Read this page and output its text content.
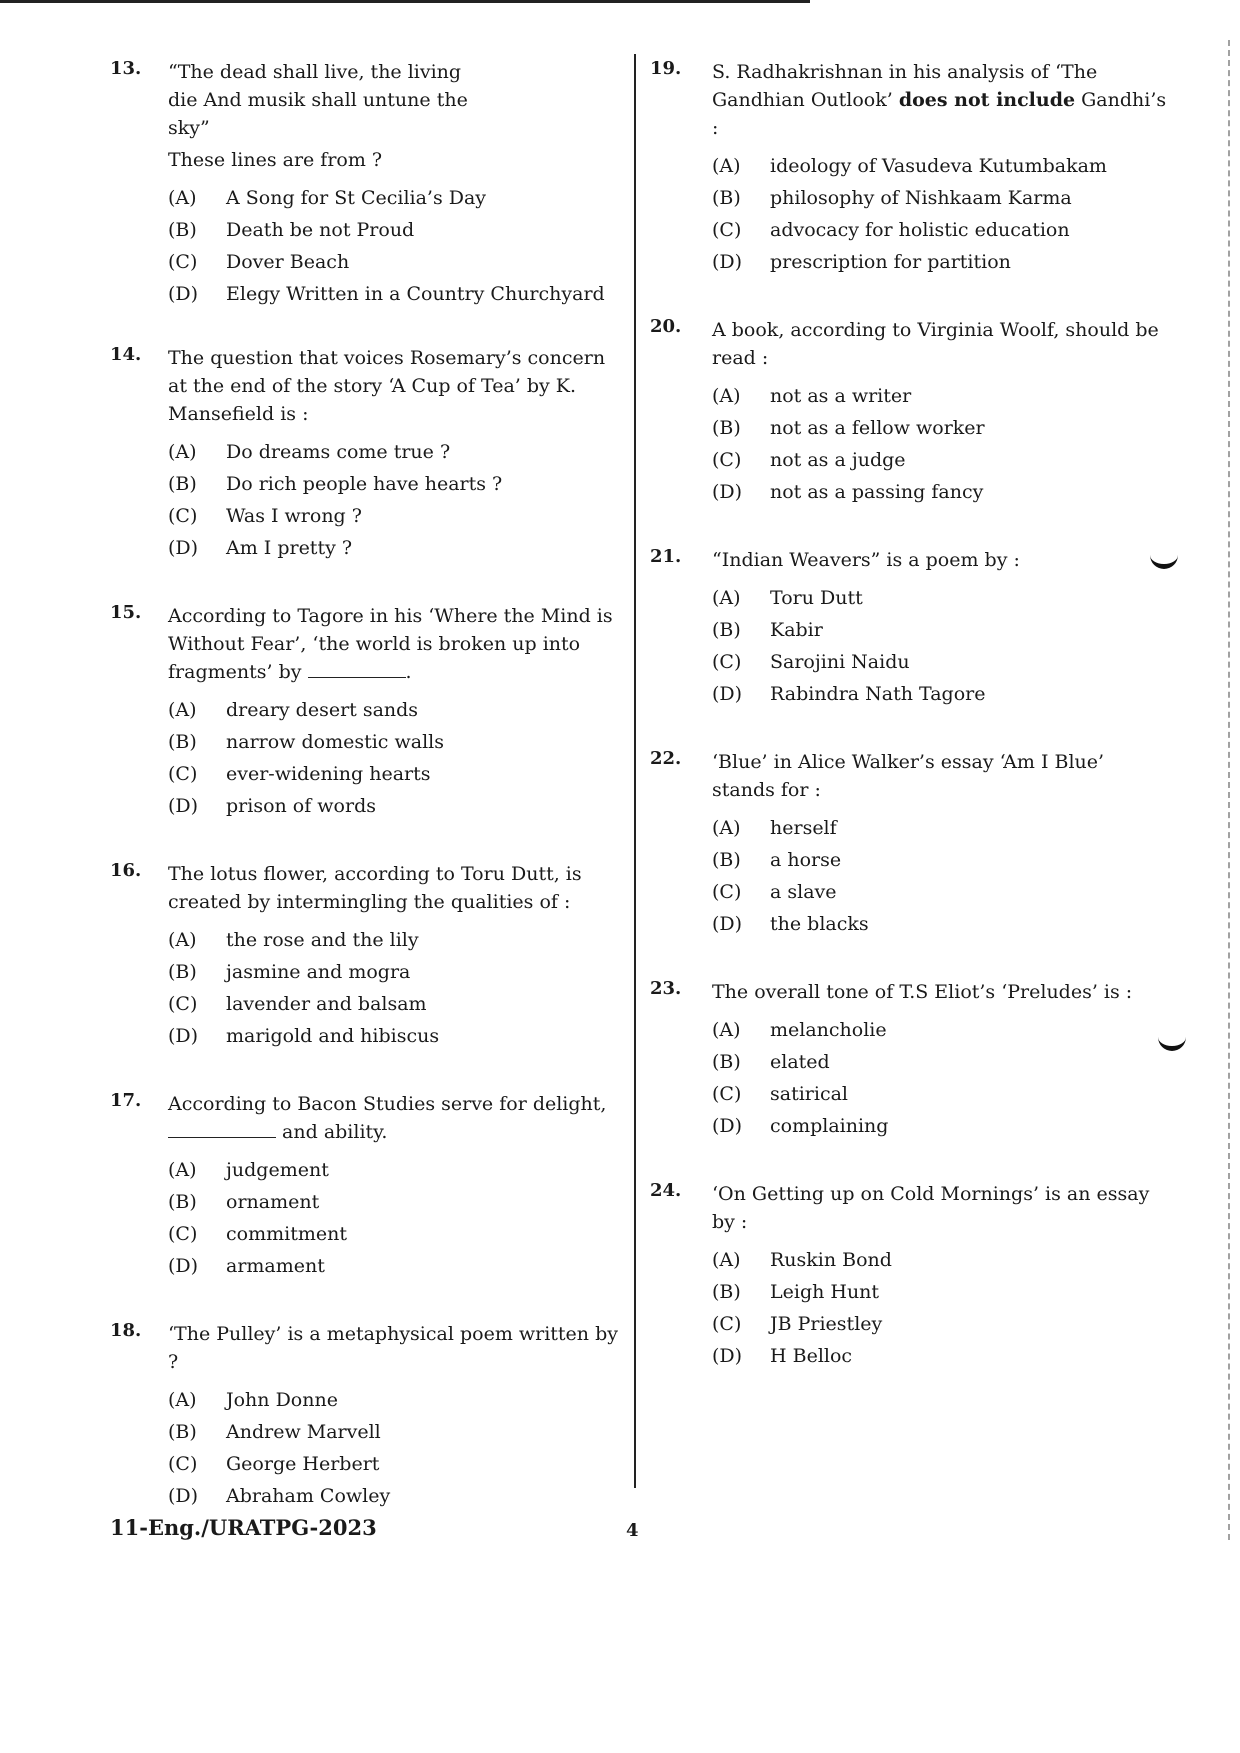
13. “The dead shall live, the living die And musik shall untune the sky”
These lines are from ?
(A)	A Song for St Cecilia’s Day
(B)	Death be not Proud
(C)	Dover Beach
(D)	Elegy Written in a Country Churchyard
14. The question that voices Rosemary’s concern at the end of the story ‘A Cup of Tea’ by K. Mansefield is :
(A)	Do dreams come true ?
(B)	Do rich people have hearts ?
(C)	Was I wrong ?
(D)	Am I pretty ?
15. According to Tagore in his ‘Where the Mind is Without Fear’, ‘the world is broken up into fragments’ by	.
(A)	dreary desert sands
(B)	narrow domestic walls
(C)	ever-widening hearts
(D)	prison of words
16. The lotus flower, according to Toru Dutt, is created by intermingling the qualities of :
(A)	the rose and the lily
(B)	jasmine and mogra
(C)	lavender and balsam
(D)	marigold and hibiscus
17. According to Bacon Studies serve for delight,
and ability.
(A)	judgement
(B)	ornament
(C)	commitment
(D)	armament
18. ‘The Pulley’ is a metaphysical poem written by ?
(A)	John Donne
(B)	Andrew Marvell
(C)	George Herbert
(D)	Abraham Cowley
19. S. Radhakrishnan in his analysis of ‘The Gandhian Outlook’ does not include Gandhi’s :
(A)	ideology of Vasudeva Kutumbakam
(B)	philosophy of Nishkaam Karma
(C)	advocacy for holistic education
(D)	prescription for partition
20. A book, according to Virginia Woolf, should be read :
(A)	not as a writer
(B)	not as a fellow worker
(C)	not as a judge
(D)	not as a passing fancy
21. “Indian Weavers” is a poem by :
(A)	Toru Dutt
(B)	Kabir
(C)	Sarojini Naidu
(D)	Rabindra Nath Tagore
22. ‘Blue’ in Alice Walker’s essay ‘Am I Blue’ stands for :
(A)	herself
(B)	a horse
(C)	a slave
(D)	the blacks
23. The overall tone of T.S Eliot’s ‘Preludes’ is :
(A)	melancholie
(B)	elated
(C)	satirical
(D)	complaining
24. ‘On Getting up on Cold Mornings’ is an essay by :
(A)	Ruskin Bond
(B)	Leigh Hunt
(C)	JB Priestley
(D)	H Belloc
11-Eng./URATPG-2023	4
